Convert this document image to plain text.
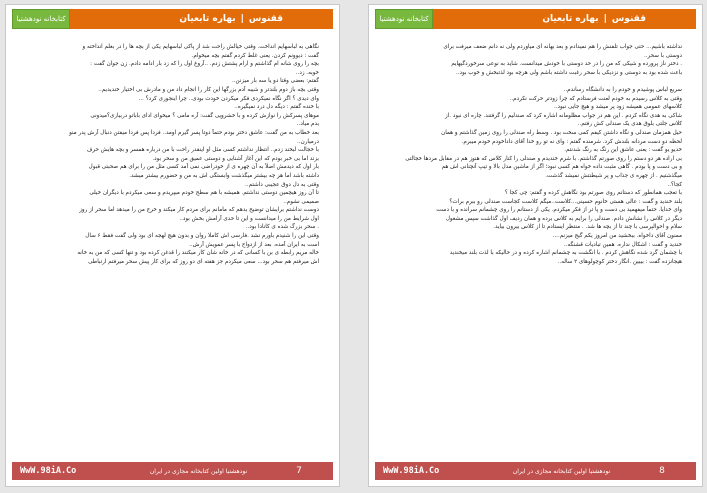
کتابخانه نودهشتیا	بهاره تابعیان | ققنوس
نگاهی به لباسهایم انداخت. وقتی خیالش راحت شد از پاکی لباسهایم یکی از بچه ها را در بغلم انداخته و
گفت : دیوونم کردن. یعنی غلط کردم گفتم بچه میخوام.
بچه را روی شانه ام گذاشتم و ارام پشتش زدم. ..آروغ اول را که زد بار ادامه دادم. زن جوان گفت :
خوبه. زد..
گفتم: بعضی وقتا دو یا سه بار میزنن..
وقتی بچه باز دوم بلندتر و شیبه آدم بزرگها این کار را انجام داد من و مادرش بی اختیار خندیدیم..
وای دیدی ؟ اگر نگاه نمیکردی فکر میکردن خودت بودی.. چرا اینجوری کرد؟ ...
با خنده گفتم : دیگه دل درد نمیگیره..
موهای پسرکش را نوازش کرده و با خشرویی گفت: آره مامی ؟ میخوای ادای باباتو دربیاری؟میدونی
بدم میاد..
بعد خطاب به من گفت: عاشق دختر بودم حتماً دوتا پسر گیرم اومد.. فردا پس فردا میفتن دنبال آرش پدر منو
درمیارن..
با خجالت لبخند زدم.. انتظار نداشتم کسی مثل او اینقدر راحت با من درباره همسر و بچه هایش حرف
بزند اما بی خبر بودم که این آغاز آشنایی و دوستی عمیق من و سحر بود.
بار اول که دیدمش اصلاً به آن چهره ی از خودراضی نمی آمد کسی مثل من را برای هم صحبتی قبول
داشته باشد اما هر چه بیشتر میگذشت وابستگی اش به من و حضورم بیشتر میشد.
وقتی به دل دوق عجیبی داشتم..
تا آن روز هیچمین دوستی نداشتم. همیشه با هم سطح خودم میپریدم و سعی میکردم با دیگران خیلی
صمیمی نشوم..
دوست نداشتم برایشان توضیح بدهم که مامانم برای مردم کار میکند و خرج من را میدهد اما سحر از روز
اول شرایط من را میدانست و این تا حدی آرامش بخش بود..
. سحر بزرگ شده ی کانادا بود..
وقتی این را شنیدم باورم نشد .فارسی اش کاملا روان و بدون هیچ لهجه ای بود ولی گفت فقط ۶ سال
است به ایران آمده. بعد از ازدواج با پسر عمویش آرش..
خاله مریم رابطه ی بن با کسانی که در خانه شان کار میکنند را قدغن کرده بود و تنها کسی که من به خانه
اش میرفتم هم سحر بود... سعی میکردم جز هفته ای دو روز که برای کار پیش سحر میرفتم ارتباطی
WwW.98iA.Co	نودهشتیا اولین کتابخانه مجازی در ایران	7
کتابخانه نودهشتیا	بهاره تابعیان | ققنوس
نداشته باشیم... حتی جواب تلفنش را هم نمیدادم و بعد بهانه ای میاوردم ولی نه دانم ضعف میرفت برای
دوستی با سحر..
. دختر ناز پرورده و شیکی که من را در حد دوستی با خودش میدانست. شاید به نوعی سرخوردگیهایم
باعث شده بود به دوستی و نزدیکی با سحر رغبت داشته باشم ولی هرچه بود لذتبخش و خوب بود..

سریع لباس پوشیدم و خودم را به دانشگاه رساندم..
وقتی به کلاس رسیدم به خودم لعنت فرستادم که چرا زودتر حرکت نکردم..
کلاسهای عمومی همیشه زود پر میشد و هیچ جایی نبود..
شاکی به هدی نگاه کردم . این هم در جواب مظلومانه اشاره کرد که صندلیم را گرفتند. چاره ای نبود .از
کلاس جلتی بلوق هدی یک صندلی کش رفتم..
حیل همزمان صندلی و نگاه داشتن کیفم کمی سخت بود . وسط راه صندلی را روی زمین گذاشتم و همان
لحظه دو دست مردانه بلندش کرد. شرمنده گفتم : وای نه تو رو خدا آقای داداخودم خودم میبرم.
خدیو یو گفت : یعنی عاشق این رنگ به رنگ شدنتم.
بی اراده هر دو دستم را روی صورتم گذاشتم. با شرم خندیدم و صندلی را کنار کلاس که هنوز هم در مقابل مردها خجالتی
و بی دست و پا بودم . گاهی مثبت داده خواه هم کسی نبود؛ اگر از ماشین مدل بالا و تیپ آنچنانی اش هم
میگذشتیم . از چهره ی جذاب و پر شیطنتش نمیشد گذشت.
کجا؟..
با تعجب همانطور که دستانم روی صورتم بود نگاهش کرده و گفتم: چی کجا ؟
بلند خندید و گفت : عالی هستی خانوم حسینی...کلاست..میگم کلاست کجاست صندلی رو ببرم برات؟
وای خدایا. حتماً میفهمید بی دست و پا تر از فکر میکردم. یکی از دستانم را روی چشمانم سرانده و با دست
دیگر در کلاس را نشانش دادم. صندلی را برایم به کلاس برده و همان ردیف اول گذاشت سپس مشغول
سلام و احوالپرسی با چند تا از بچه ها شد. . منتظر ایستادم تا از کلاس بیرون بیاید.
ممنون آقای داخواه. ببخشید من امروز یکم گیج میزنم....
خندید و گفت : اشکال نداره. همین تبادیات قشنگه..
با چشمان گرد شده نگاهش کردم . با انگشت به چشمانم اشاره کرده و در حالیکه با لذت بلند میخندید
هیجانزده گفت : بیبین .انگار دختر کوچولوهای ۲ ساله..
WwW.98iA.Co	نودهشتیا اولین کتابخانه مجازی در ایران	8
